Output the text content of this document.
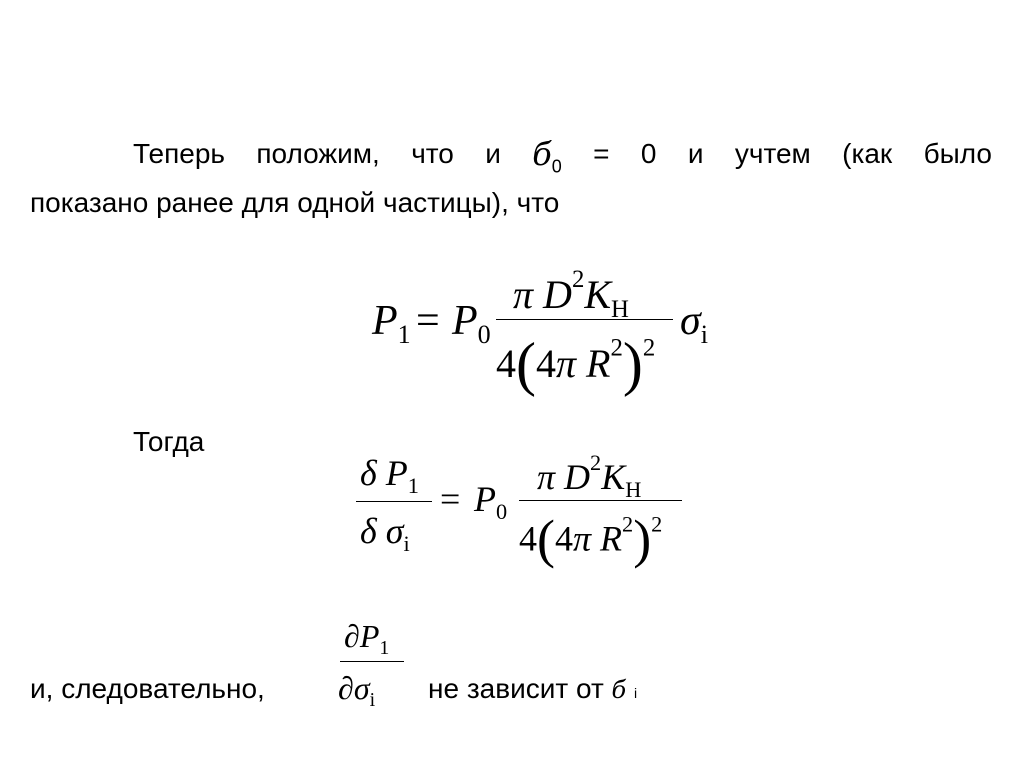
Теперь положим, что и $б_0 = 0$ и учтем (как было
показано ранее для одной частицы), что
$P_1 = P_0$
π $D^2K_Н$
4(4π $R^2)^2$
$\sigma_i$
Тогда
δ $P_1$
δ $\sigma_i$
= $P_0$
π $D^2K_Н$
4(4π $R^2)^2$
и, следовательно,
$\partial P_1$
$\partial\sigma_i$ не зависит от б i
